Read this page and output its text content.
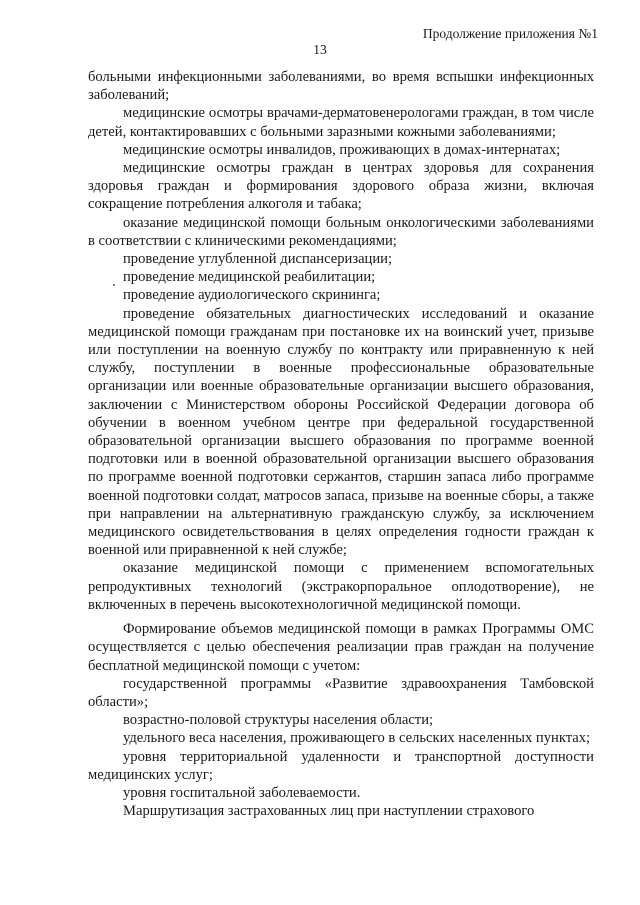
Продолжение приложения №1
13

больными инфекционными заболеваниями, во время вспышки инфекционных заболеваний;

медицинские осмотры врачами-дерматовенерологами граждан, в том числе детей, контактировавших с больными заразными кожными заболеваниями;

медицинские осмотры инвалидов, проживающих в домах-интернатах;

медицинские осмотры граждан в центрах здоровья для сохранения здоровья граждан и формирования здорового образа жизни, включая сокращение потребления алкоголя и табака;

оказание медицинской помощи больным онкологическими заболеваниями в соответствии с клиническими рекомендациями;

проведение углубленной диспансеризации;

проведение медицинской реабилитации;

проведение аудиологического скрининга;

проведение обязательных диагностических исследований и оказание медицинской помощи гражданам при постановке их на воинский учет, призыве или поступлении на военную службу по контракту или приравненную к ней службу, поступлении в военные профессиональные образовательные организации или военные образовательные организации высшего образования, заключении с Министерством обороны Российской Федерации договора об обучении в военном учебном центре при федеральной государственной образовательной организации высшего образования по программе военной подготовки или в военной образовательной организации высшего образования по программе военной подготовки сержантов, старшин запаса либо программе военной подготовки солдат, матросов запаса, призыве на военные сборы, а также при направлении на альтернативную гражданскую службу, за исключением медицинского освидетельствования в целях определения годности граждан к военной или приравненной к ней службе;

оказание медицинской помощи с применением вспомогательных репродуктивных технологий (экстракорпоральное оплодотворение), не включенных в перечень высокотехнологичной медицинской помощи.

Формирование объемов медицинской помощи в рамках Программы ОМС осуществляется с целью обеспечения реализации прав граждан на получение бесплатной медицинской помощи с учетом:

государственной программы «Развитие здравоохранения Тамбовской области»;

возрастно-половой структуры населения области;

удельного веса населения, проживающего в сельских населенных пунктах;

уровня территориальной удаленности и транспортной доступности медицинских услуг;

уровня госпитальной заболеваемости.

Маршрутизация застрахованных лиц при наступлении страхового
